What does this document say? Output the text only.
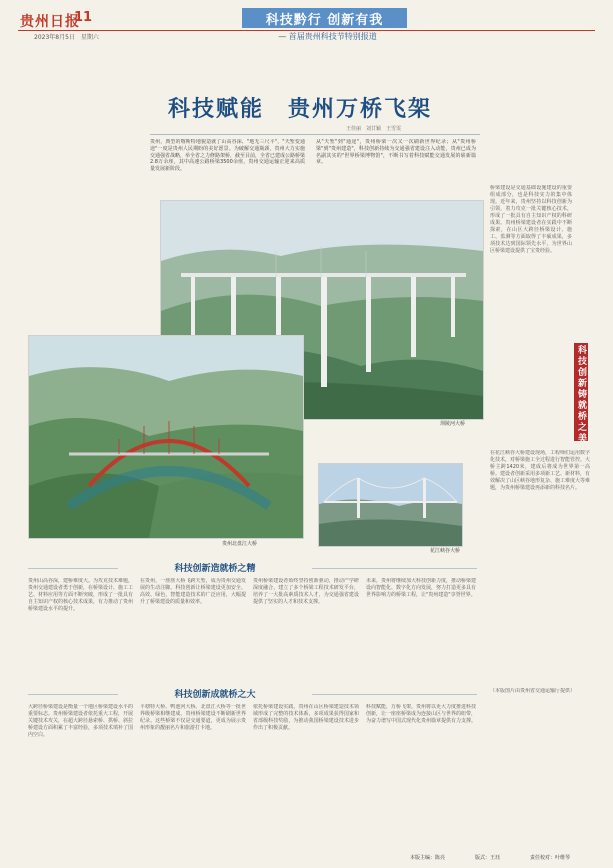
贵州日报
11
2023年8月5日　星期六
科技黔行 创新有我
— 首届贵州科技节特别报道
科技赋能　贵州万桥飞架
王佳丽　刘廿颖　王雪雯
贵州，典型的喀斯特地貌造就了山高谷深、"地无三尺平"，"天堑变通途"一度是贵州人民期盼的美好愿景。为破解交通瓶颈，贵州大力实施交通强省战略，举全省之力修路架桥，截至目前，全省已建成公路桥梁2.8万余座，其中高速公路桥梁3500余座，贵州交通运输正迎来高质量发展新阶段。
从"天堑"到"通途"，贵州桥梁一次又一次刷新世界纪录；从"贵州桥梁"到"贵州建造"，科技创新持续为交通强省建设注入动能，贵州已成为名副其实的"世界桥梁博物馆"，不断书写着科技赋能交通发展的崭新篇章。
坝陵河大桥
贵州北盘江大桥
花江峡谷大桥
桥梁建设是交通基础设施建设的重要组成部分，也是科技实力的集中体现。近年来，贵州坚持以科技创新为引领，着力攻克一批关键核心技术，形成了一批具有自主知识产权的科研成果。贵州桥梁建设者在实践中不断探索，在山区大跨径桥梁设计、施工、监测等方面取得了丰硕成果，多项技术达到国际领先水平，为世界山区桥梁建设提供了宝贵经验。
科技创新铸就桥之美
在花江峡谷大桥建设现场，工程师们运用数字化技术，对桥梁施工全过程进行智能管控。大桥主跨1420米，建成后将成为世界第一高桥。建设者创新采用多项新工艺、新材料，有效解决了山区峡谷地形复杂、施工难度大等难题，为贵州桥梁建设再添新的科技名片。
科技创新造就桥之精
贵州山高谷深，建桥难度大。为攻克技术难题，贵州交通建设者勇于创新，在桥梁设计、施工工艺、材料应用等方面不断突破，形成了一批具有自主知识产权的核心技术成果，有力推动了贵州桥梁建设水平的提升。
在贵州，一座座大桥飞跨天堑，成为贵州交通发展的生动注脚。科技创新让桥梁建设更加安全、高效、绿色，智能建造技术的广泛应用，大幅提升了桥梁建设的质量和效率。
贵州桥梁建设者始终坚持创新驱动，推动产学研深度融合，建立了多个桥梁工程技术研发平台，培养了一大批高素质技术人才，为交通强省建设提供了坚实的人才和技术支撑。
未来，贵州将继续加大科技创新力度，推动桥梁建设向智能化、数字化方向发展，努力打造更多具有世界影响力的桥梁工程，让"贵州建造"享誉世界。
科技创新成就桥之大
大跨径桥梁建设是衡量一个地区桥梁建设水平的重要标志。贵州桥梁建设者依托重大工程，开展关键技术攻关，在超大跨径悬索桥、拱桥、斜拉桥建设方面积累了丰富经验，多项技术填补了国内空白。
平塘特大桥、鸭池河大桥、北盘江大桥等一批世界级桥梁相继建成，贵州桥梁建设不断刷新世界纪录。这些桥梁不仅是交通要道，更成为展示贵州形象的靓丽名片和旅游打卡地。
依托桥梁建设实践，贵州在山区桥梁建造技术领域形成了完整的技术体系，多项成果获得国家和省部级科技奖励，为推动我国桥梁建设技术进步作出了积极贡献。
科技赋能，万桥飞架。贵州将以更大力度推进科技创新，让一座座桥梁成为连接山区与世界的纽带，为奋力谱写中国式现代化贵州篇章提供有力支撑。
（本版图片由贵州省交通运输厅提供）
本版主编：陈亮	版式：王珏	责任校对：叶维琴
